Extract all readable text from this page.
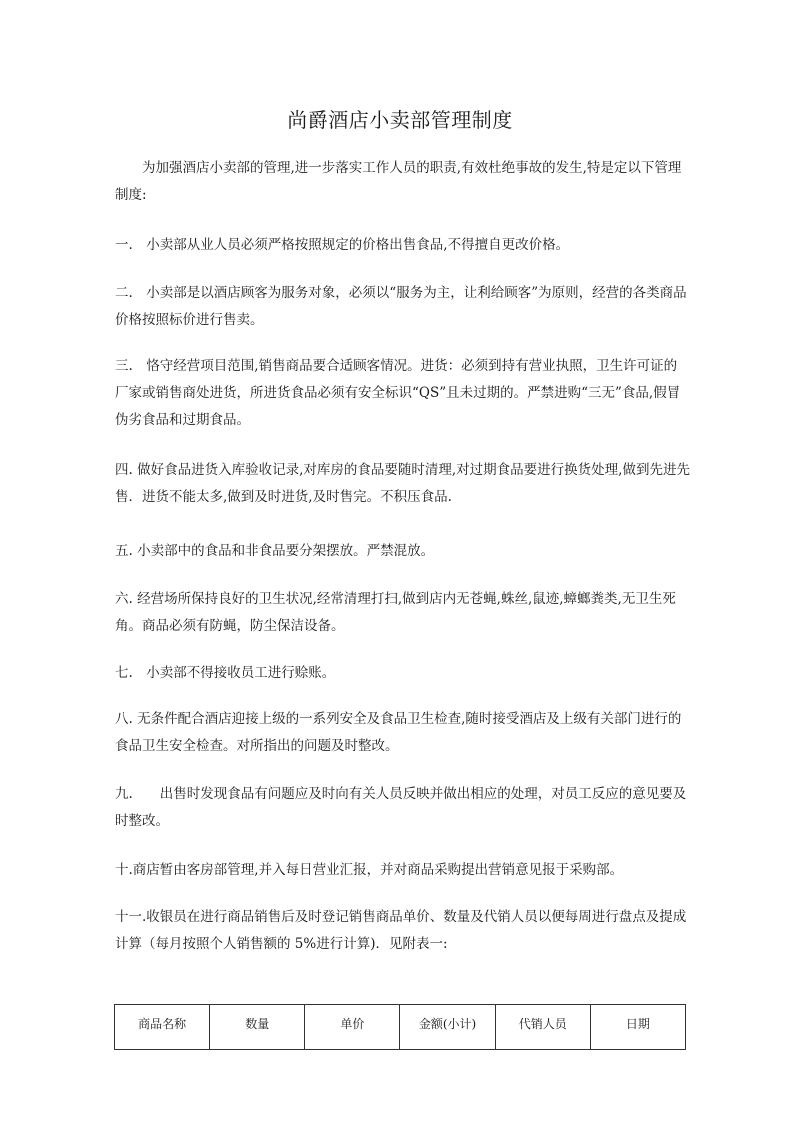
尚爵酒店小卖部管理制度

为加强酒店小卖部的管理,进一步落实工作人员的职责,有效杜绝事故的发生,特是定以下管理制度:

一.　小卖部从业人员必须严格按照规定的价格出售食品,不得擅自更改价格。

二.　小卖部是以酒店顾客为服务对象，必须以“服务为主，让利给顾客”为原则，经营的各类商品价格按照标价进行售卖。

三.　恪守经营项目范围,销售商品要合适顾客情况。进货：必须到持有营业执照，卫生许可证的厂家或销售商处进货，所进货食品必须有安全标识“QS”且未过期的。严禁进购“三无”食品,假冒伪劣食品和过期食品。

四. 做好食品进货入库验收记录,对库房的食品要随时清理,对过期食品要进行换货处理,做到先进先售．进货不能太多,做到及时进货,及时售完。不积压食品.

五. 小卖部中的食品和非食品要分架摆放。严禁混放。

六. 经营场所保持良好的卫生状况,经常清理打扫,做到店内无苍蝇,蛛丝,鼠迹,蟑螂粪类,无卫生死角。商品必须有防蝇，防尘保洁设备。

七.　小卖部不得接收员工进行赊账。

八. 无条件配合酒店迎接上级的一系列安全及食品卫生检查,随时接受酒店及上级有关部门进行的食品卫生安全检查。对所指出的问题及时整改。

九.　　出售时发现食品有问题应及时向有关人员反映并做出相应的处理，对员工反应的意见要及时整改。

十.商店暂由客房部管理,并入每日营业汇报，并对商品采购提出营销意见报于采购部。

十一.收银员在进行商品销售后及时登记销售商品单价、数量及代销人员以便每周进行盘点及提成计算（每月按照个人销售额的 5%进行计算)．见附表一:

商品名称	数量	单价	金额(小计)	代销人员	日期
